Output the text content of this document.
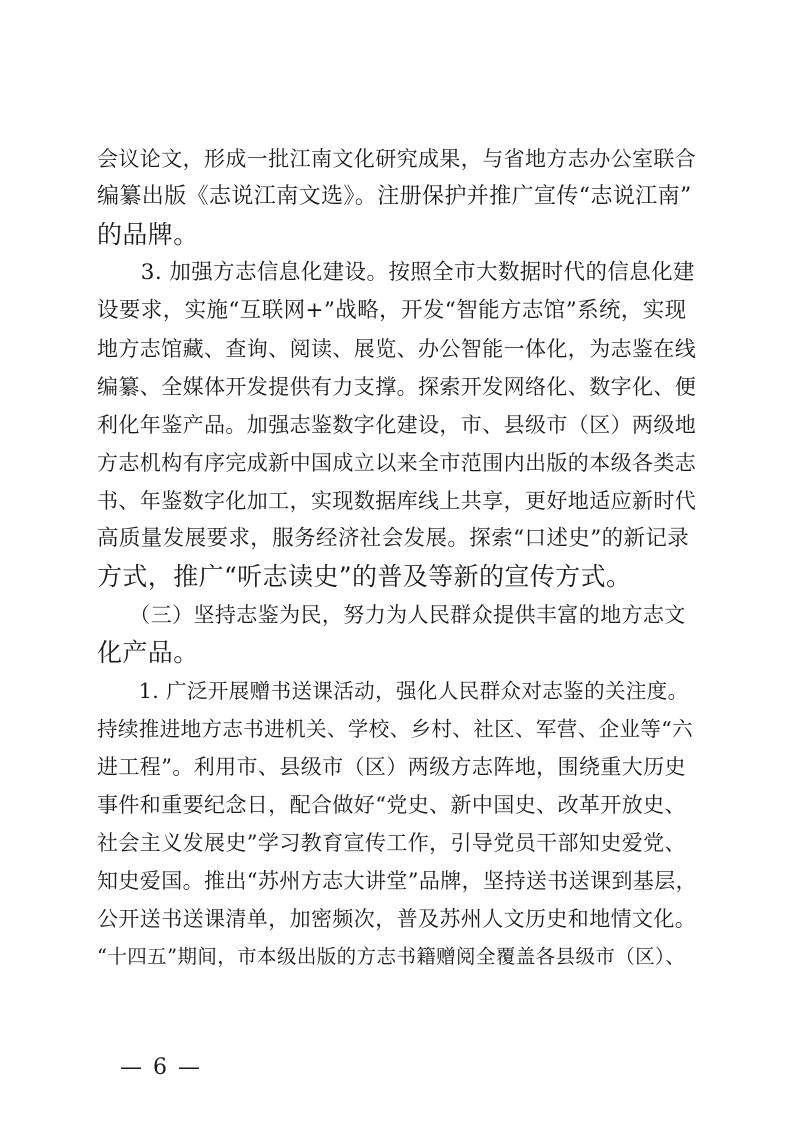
会议论文，形成一批江南文化研究成果，与省地方志办公室联合
编纂出版《志说江南文选》。注册保护并推广宣传“志说江南”
的品牌。
　　3. 加强方志信息化建设。按照全市大数据时代的信息化建
设要求，实施“互联网+”战略，开发“智能方志馆”系统，实现
地方志馆藏、查询、阅读、展览、办公智能一体化，为志鉴在线
编纂、全媒体开发提供有力支撑。探索开发网络化、数字化、便
利化年鉴产品。加强志鉴数字化建设，市、县级市（区）两级地
方志机构有序完成新中国成立以来全市范围内出版的本级各类志
书、年鉴数字化加工，实现数据库线上共享，更好地适应新时代
高质量发展要求，服务经济社会发展。探索“口述史”的新记录
方式，推广“听志读史”的普及等新的宣传方式。
　　（三）坚持志鉴为民，努力为人民群众提供丰富的地方志文
化产品。
　　1. 广泛开展赠书送课活动，强化人民群众对志鉴的关注度。
持续推进地方志书进机关、学校、乡村、社区、军营、企业等“六
进工程”。利用市、县级市（区）两级方志阵地，围绕重大历史
事件和重要纪念日，配合做好“党史、新中国史、改革开放史、
社会主义发展史”学习教育宣传工作，引导党员干部知史爱党、
知史爱国。推出“苏州方志大讲堂”品牌，坚持送书送课到基层，
公开送书送课清单，加密频次，普及苏州人文历史和地情文化。
“十四五”期间，市本级出版的方志书籍赠阅全覆盖各县级市（区）、
— 6 —
